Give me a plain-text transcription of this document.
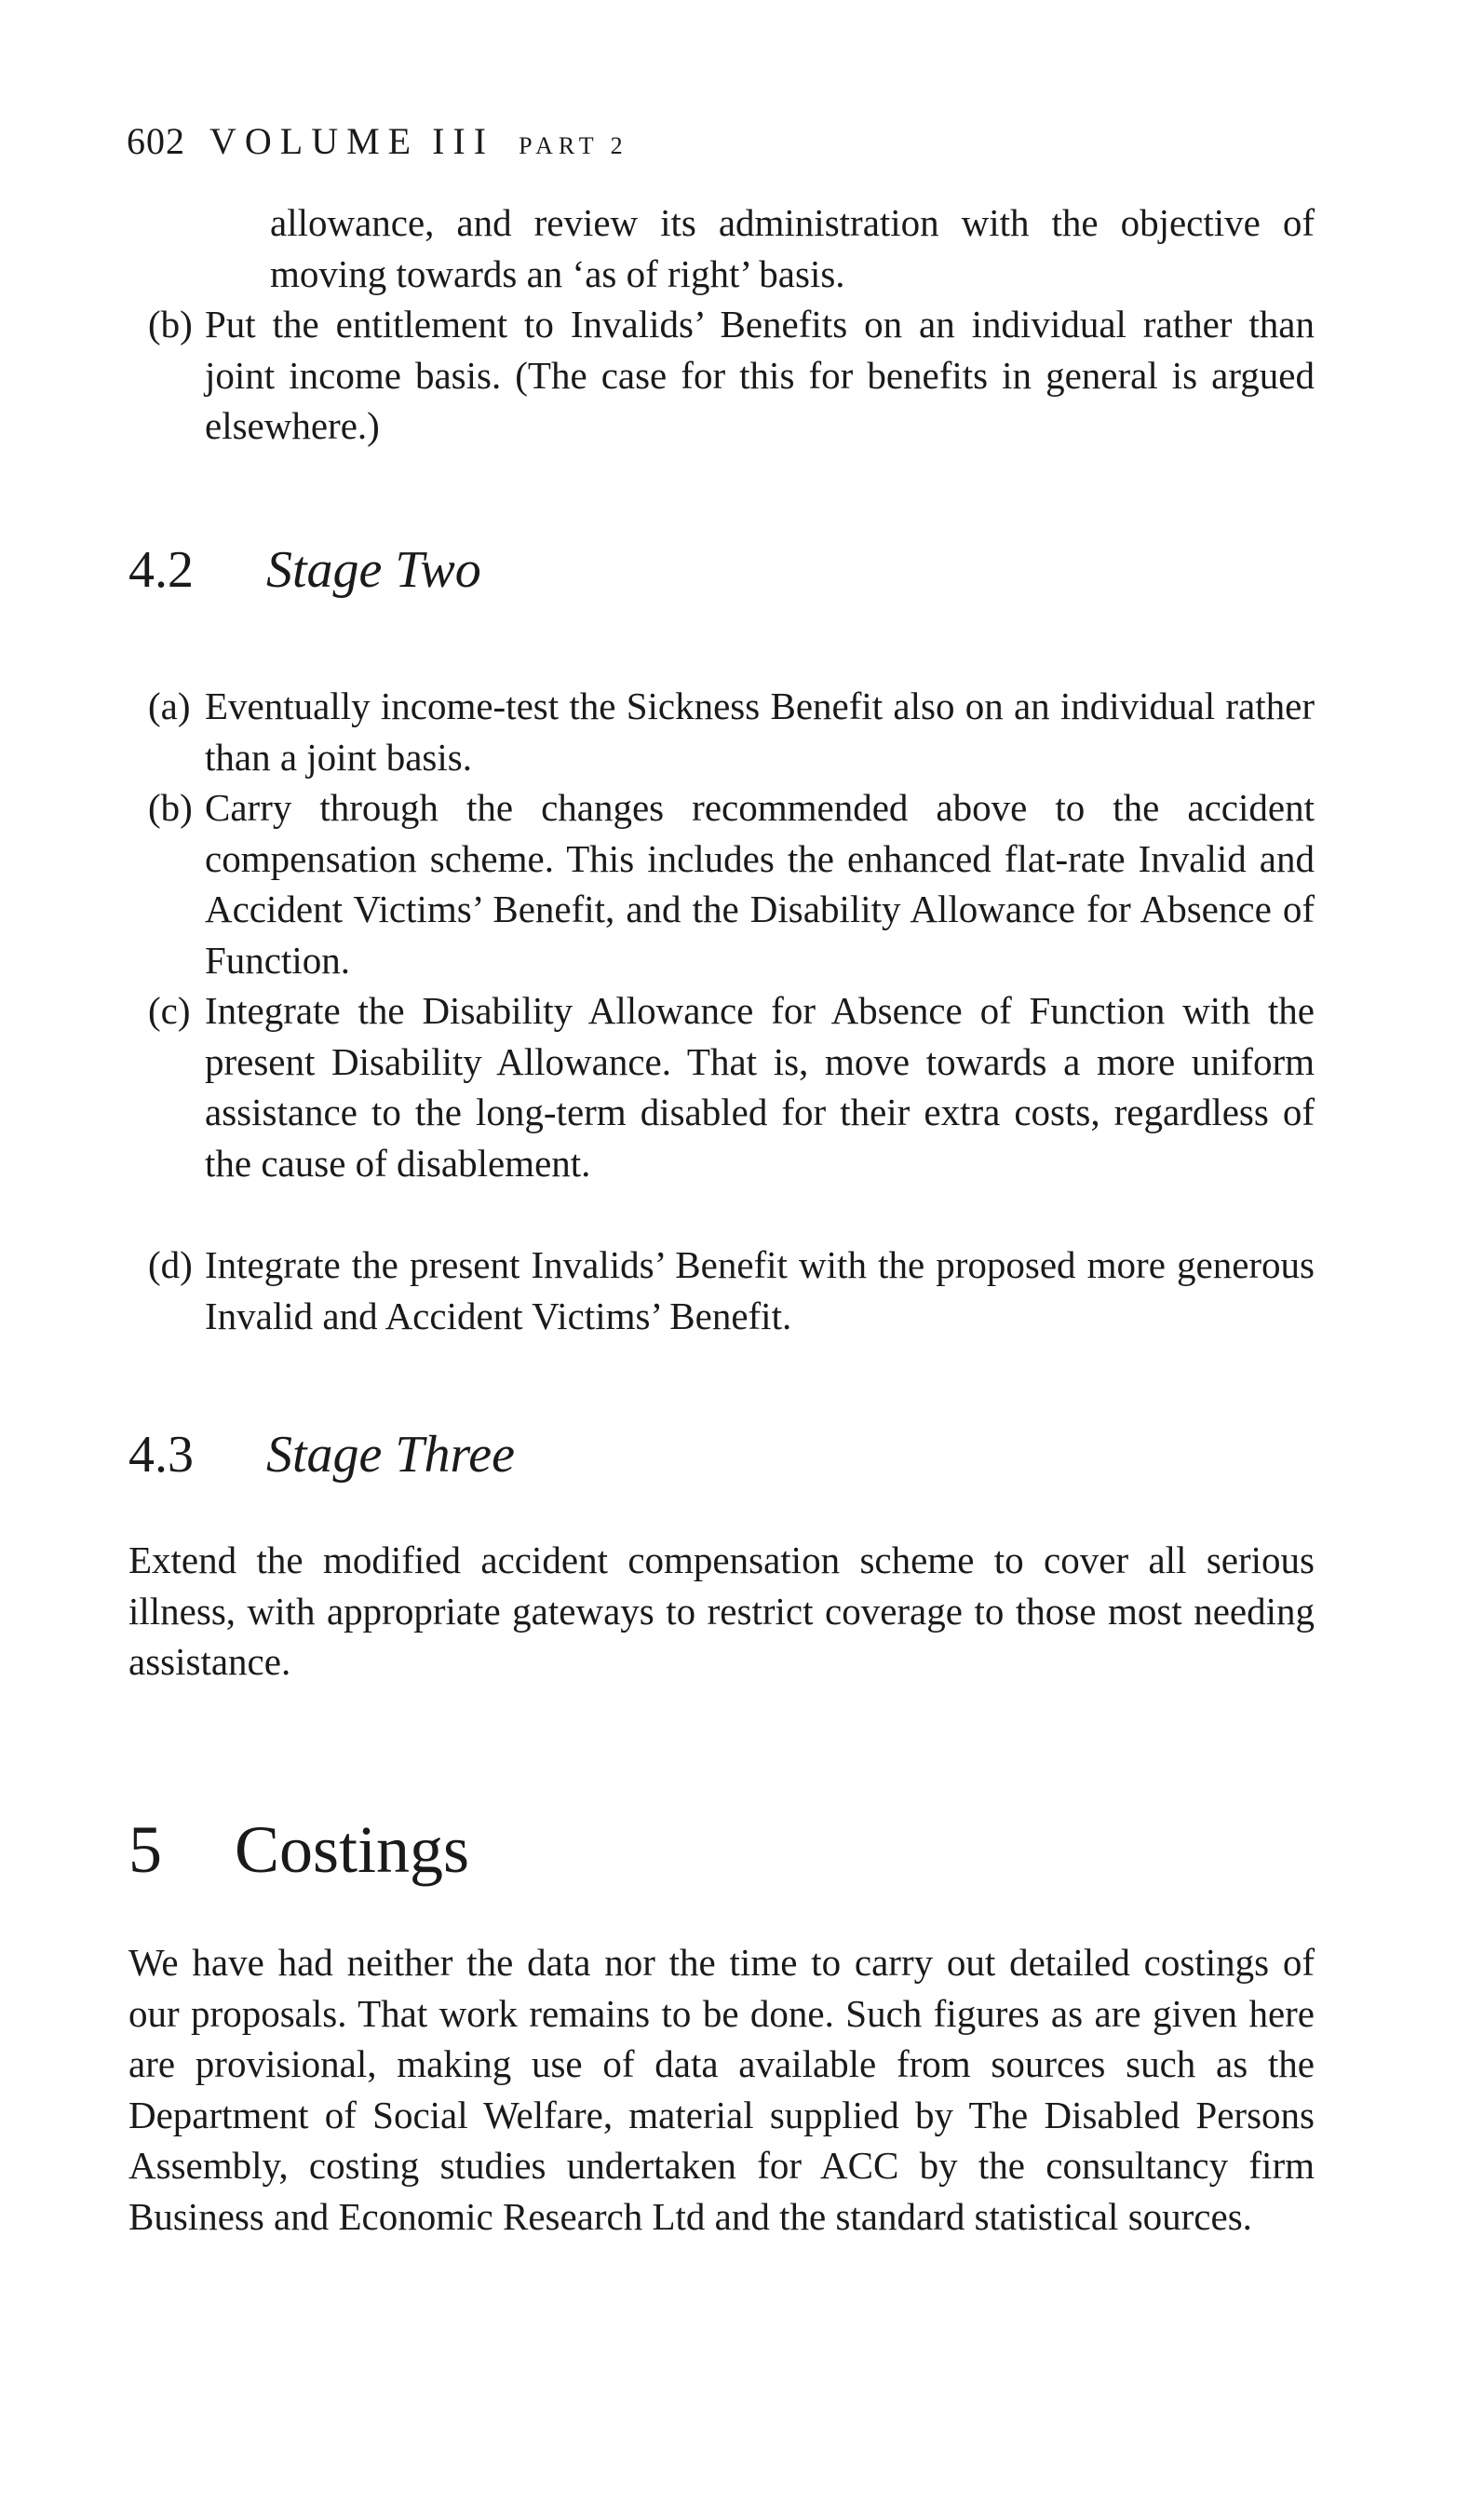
602 VOLUME III PART 2
allowance, and review its administration with the objective of moving towards an ‘as of right’ basis.
(b) Put the entitlement to Invalids’ Benefits on an individual rather than joint income basis. (The case for this for benefits in general is argued elsewhere.)
4.2 Stage Two
(a) Eventually income-test the Sickness Benefit also on an individual rather than a joint basis.
(b) Carry through the changes recommended above to the accident compensation scheme. This includes the enhanced flat-rate Invalid and Accident Victims’ Benefit, and the Disability Allowance for Absence of Function.
(c) Integrate the Disability Allowance for Absence of Function with the present Disability Allowance. That is, move towards a more uniform assistance to the long-term disabled for their extra costs, regardless of the cause of disablement.
(d) Integrate the present Invalids’ Benefit with the proposed more generous Invalid and Accident Victims’ Benefit.
4.3 Stage Three
Extend the modified accident compensation scheme to cover all serious illness, with appropriate gateways to restrict coverage to those most needing assistance.
5 Costings
We have had neither the data nor the time to carry out detailed costings of our proposals. That work remains to be done. Such figures as are given here are provisional, making use of data available from sources such as the Department of Social Welfare, material supplied by The Disabled Persons Assembly, costing studies undertaken for ACC by the consultancy firm Business and Economic Research Ltd and the standard statistical sources.
